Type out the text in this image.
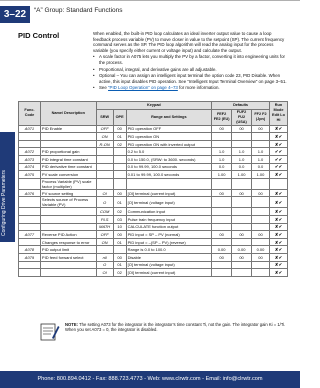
3–22	“A” Group: Standard Functions
Configuring Drive Parameters
PID Control	When enabled, the built-in PID loop calculates an ideal inverter output value to cause a loop feedback process variable (PV) to move closer in value to the setpoint (SP). The current frequency command serves as the SP. The PID loop algorithm will read the analog input for the process variable (you specify either current or voltage input) and calculate the output.

• A scale factor in A075 lets you multiply the PV by a factor, converting it into engineering units for the process.
• Proportional, integral, and derivative gains are all adjustable.
• Optional – You can assign an intelligent input terminal the option code 23, PID Disable. When active, this input disables PID operation. See “Intelligent Input Terminal Overview” on page 3–51.
• See “PID Loop Operation” on page 4–73 for more information.
Func. Code	Name/ Description	Keypad			Defaults			Run Mode Edit Lo Hi
		SRW	OPE	Range and Settings	FEF2 FE2 (EU)	FUF2 FU2 (USA)	FF2 F2 (Jpn)	
A071	PID Enable	OFF	00	PID operation OFF	00	00	00	✘✔
		ON	01	PID operation ON				✘✔
		R-ON	02	PID operation ON with inverted output				✘✔
A072	PID proportional gain			0.2 to 5.0	1.0	1.0	1.0	✔✔
A073	PID integral time constant			0.0 to 150.0, (SRW: to 3600. seconds)	1.0	1.0	1.0	✔✔
A074	PID derivative time constant			0.0 to 99.99, 100.0 seconds	0.0	0.0	0.0	✔✔
A075	PV scale conversion			0.01 to 99.99, 100.0 seconds	1.00	1.00	1.00	✘✔
	Process Variable (PV) scale factor (multiplier)							
A076	PV source setting	OI	00	[OI] terminal (current input)	00	00	00	✘✔
	Selects source of Process Variable (PV)	O	01	[O] terminal (voltage input)				✘✔
		COM	02	Communication input				✘✔
		PLS	03	Pulse train frequency input				✘✔
		MATH	10	CALCULATE function output				✘✔
A077	Reverse PID Action	OFF	00	PID input = SP – PV (normal)	00	00	00	✘✔
	Changes response to error	ON	01	PID input = –(SP – PV) (reverse)				✘✔
A078	PID output limit			Range is 0.0 to 100.0	0.00	0.00	0.00	✘✔
A079	PID feed forward select	nil	00	Disable	00	00	00	✘✔
		O	01	[O] terminal (voltage input)				✘✔
		OI	02	[OI] terminal (current input)				✘✔
NOTE: The setting A073 for the integrator is the integrator’s time constant Ti, not the gain. The integrator gain Ki = 1/Ti. When you set A073 = 0, the integrator is disabled.
Phone: 800.894.0412 - Fax: 888.723.4773 - Web: www.clrwtr.com - Email: info@clrwtr.com
